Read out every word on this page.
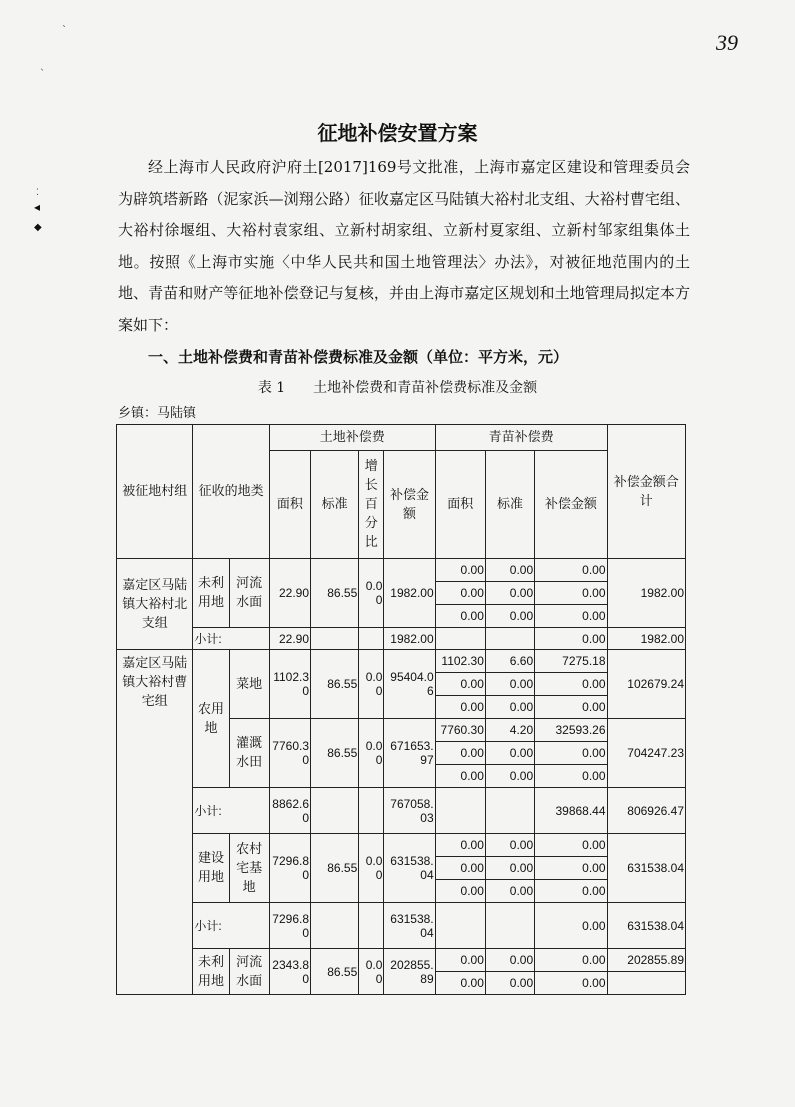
39
征地补偿安置方案

经上海市人民政府沪府土[2017]169号文批准，上海市嘉定区建设和管理委员会为辟筑塔新路（泥家浜—浏翔公路）征收嘉定区马陆镇大裕村北支组、大裕村曹宅组、大裕村徐堰组、大裕村袁家组、立新村胡家组、立新村夏家组、立新村邹家组集体土地。按照《上海市实施〈中华人民共和国土地管理法〉办法》，对被征地范围内的土地、青苗和财产等征地补偿登记与复核，并由上海市嘉定区规划和土地管理局拟定本方案如下：

一、土地补偿费和青苗补偿费标准及金额（单位：平方米，元）
表 1　　土地补偿费和青苗补偿费标准及金额
乡镇：马陆镇
⁚
◂
◆
ˋ
ˎ
被征地村组	征收的地类		土地补偿费				青苗补偿费			补偿金额合计
			面积	标准	增长百分比	补偿金额	面积	标准	补偿金额	
嘉定区马陆镇大裕村北支组	未利用地	河流水面	22.90	86.55	0.00	1982.00	0.00	0.00	0.00	1982.00
							0.00	0.00	0.00	
							0.00	0.00	0.00	
	小计:		22.90			1982.00			0.00	1982.00
嘉定区马陆镇大裕村曹宅组	农用地	菜地	1102.30	86.55	0.00	95404.06	1102.30	6.60	7275.18	102679.24
							0.00	0.00	0.00	
							0.00	0.00	0.00	
		灌溉水田	7760.30	86.55	0.00	671653.97	7760.30	4.20	32593.26	704247.23
							0.00	0.00	0.00	
							0.00	0.00	0.00	
	小计:		8862.60			767058.03			39868.44	806926.47
	建设用地	农村宅基地	7296.80	86.55	0.00	631538.04	0.00	0.00	0.00	631538.04
							0.00	0.00	0.00	
							0.00	0.00	0.00	
	小计:		7296.80			631538.04			0.00	631538.04
	未利用地	河流水面	2343.80	86.55	0.00	202855.89	0.00	0.00	0.00	202855.89
							0.00	0.00	0.00	
